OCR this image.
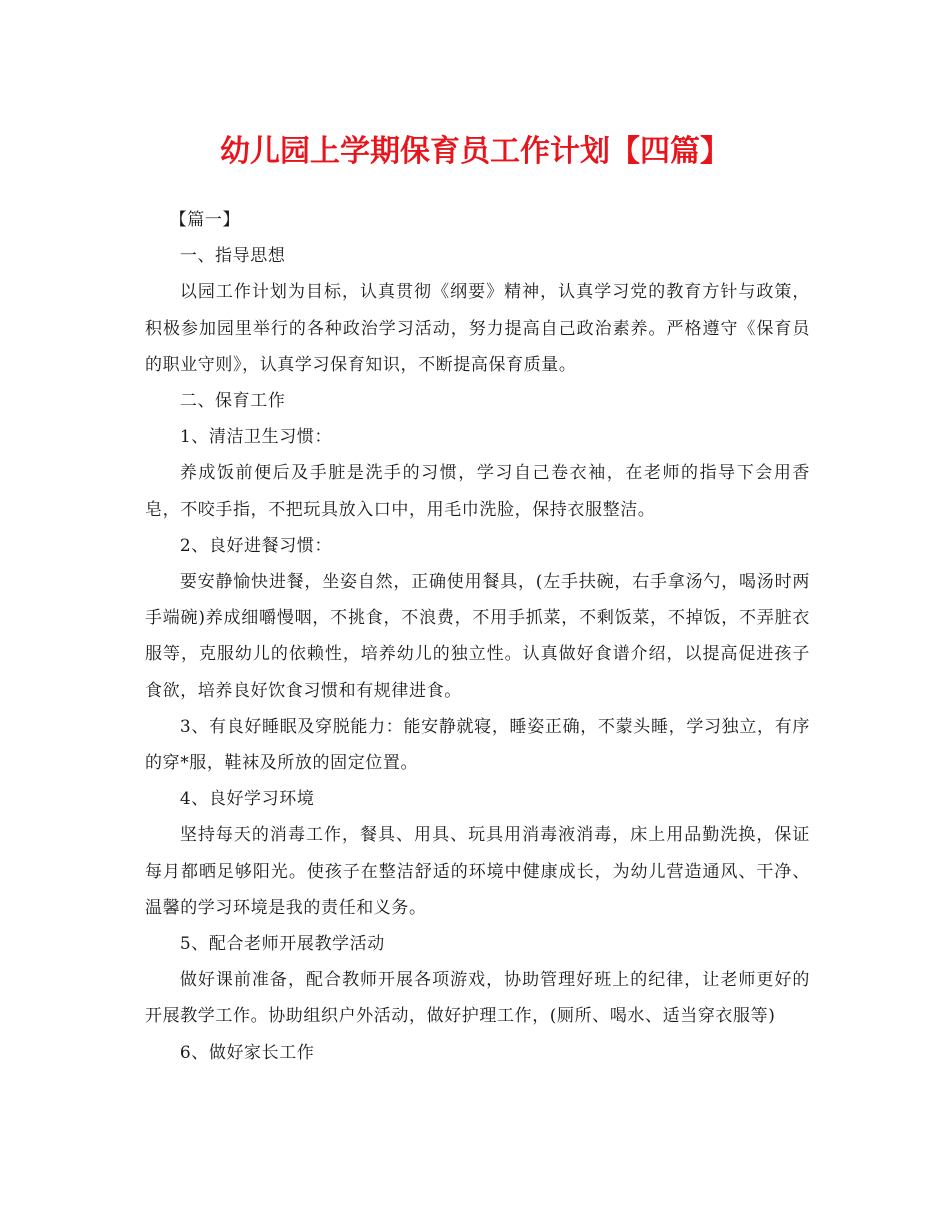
幼儿园上学期保育员工作计划【四篇】

【篇一】

一、指导思想

以园工作计划为目标，认真贯彻《纲要》精神，认真学习党的教育方针与政策，积极参加园里举行的各种政治学习活动，努力提高自己政治素养。严格遵守《保育员的职业守则》，认真学习保育知识，不断提高保育质量。

二、保育工作

1、清洁卫生习惯：

养成饭前便后及手脏是洗手的习惯，学习自己卷衣袖，在老师的指导下会用香皂，不咬手指，不把玩具放入口中，用毛巾洗脸，保持衣服整洁。

2、良好进餐习惯：

要安静愉快进餐，坐姿自然，正确使用餐具，(左手扶碗，右手拿汤勺，喝汤时两手端碗)养成细嚼慢咽，不挑食，不浪费，不用手抓菜，不剩饭菜，不掉饭，不弄脏衣服等，克服幼儿的依赖性，培养幼儿的独立性。认真做好食谱介绍，以提高促进孩子食欲，培养良好饮食习惯和有规律进食。

3、有良好睡眠及穿脱能力：能安静就寝，睡姿正确，不蒙头睡，学习独立，有序的穿*服，鞋袜及所放的固定位置。

4、良好学习环境

坚持每天的消毒工作，餐具、用具、玩具用消毒液消毒，床上用品勤洗换，保证每月都晒足够阳光。使孩子在整洁舒适的环境中健康成长，为幼儿营造通风、干净、温馨的学习环境是我的责任和义务。

5、配合老师开展教学活动

做好课前准备，配合教师开展各项游戏，协助管理好班上的纪律，让老师更好的开展教学工作。协助组织户外活动，做好护理工作，(厕所、喝水、适当穿衣服等)

6、做好家长工作
